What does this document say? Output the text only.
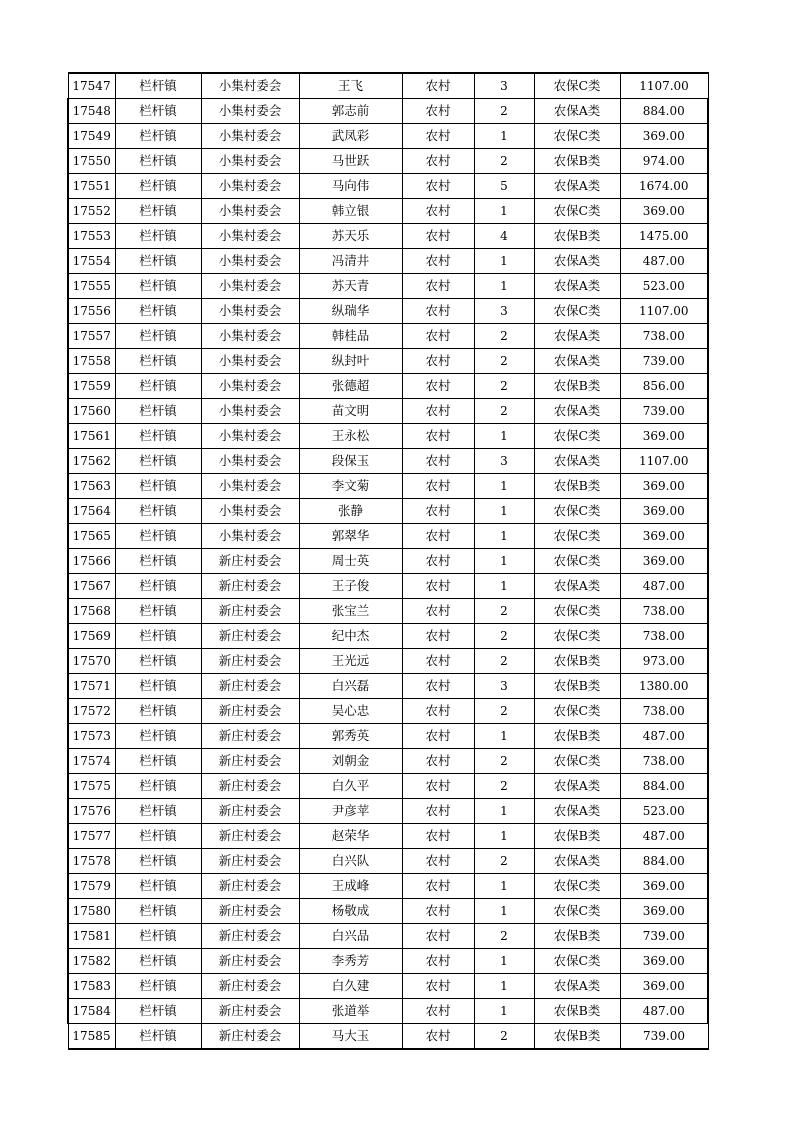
17547	栏杆镇	小集村委会	王飞	农村	3	农保C类	1107.00
17548	栏杆镇	小集村委会	郭志前	农村	2	农保A类	884.00
17549	栏杆镇	小集村委会	武凤彩	农村	1	农保C类	369.00
17550	栏杆镇	小集村委会	马世跃	农村	2	农保B类	974.00
17551	栏杆镇	小集村委会	马向伟	农村	5	农保A类	1674.00
17552	栏杆镇	小集村委会	韩立银	农村	1	农保C类	369.00
17553	栏杆镇	小集村委会	苏天乐	农村	4	农保B类	1475.00
17554	栏杆镇	小集村委会	冯清井	农村	1	农保A类	487.00
17555	栏杆镇	小集村委会	苏天青	农村	1	农保A类	523.00
17556	栏杆镇	小集村委会	纵瑞华	农村	3	农保C类	1107.00
17557	栏杆镇	小集村委会	韩桂品	农村	2	农保A类	738.00
17558	栏杆镇	小集村委会	纵封叶	农村	2	农保A类	739.00
17559	栏杆镇	小集村委会	张德超	农村	2	农保B类	856.00
17560	栏杆镇	小集村委会	苗文明	农村	2	农保A类	739.00
17561	栏杆镇	小集村委会	王永松	农村	1	农保C类	369.00
17562	栏杆镇	小集村委会	段保玉	农村	3	农保A类	1107.00
17563	栏杆镇	小集村委会	李文菊	农村	1	农保B类	369.00
17564	栏杆镇	小集村委会	张静	农村	1	农保C类	369.00
17565	栏杆镇	小集村委会	郭翠华	农村	1	农保C类	369.00
17566	栏杆镇	新庄村委会	周士英	农村	1	农保C类	369.00
17567	栏杆镇	新庄村委会	王子俊	农村	1	农保A类	487.00
17568	栏杆镇	新庄村委会	张宝兰	农村	2	农保C类	738.00
17569	栏杆镇	新庄村委会	纪中杰	农村	2	农保C类	738.00
17570	栏杆镇	新庄村委会	王光远	农村	2	农保B类	973.00
17571	栏杆镇	新庄村委会	白兴磊	农村	3	农保B类	1380.00
17572	栏杆镇	新庄村委会	吴心忠	农村	2	农保C类	738.00
17573	栏杆镇	新庄村委会	郭秀英	农村	1	农保B类	487.00
17574	栏杆镇	新庄村委会	刘朝金	农村	2	农保C类	738.00
17575	栏杆镇	新庄村委会	白久平	农村	2	农保A类	884.00
17576	栏杆镇	新庄村委会	尹彦苹	农村	1	农保A类	523.00
17577	栏杆镇	新庄村委会	赵荣华	农村	1	农保B类	487.00
17578	栏杆镇	新庄村委会	白兴队	农村	2	农保A类	884.00
17579	栏杆镇	新庄村委会	王成峰	农村	1	农保C类	369.00
17580	栏杆镇	新庄村委会	杨敬成	农村	1	农保C类	369.00
17581	栏杆镇	新庄村委会	白兴品	农村	2	农保B类	739.00
17582	栏杆镇	新庄村委会	李秀芳	农村	1	农保C类	369.00
17583	栏杆镇	新庄村委会	白久建	农村	1	农保A类	369.00
17584	栏杆镇	新庄村委会	张道举	农村	1	农保B类	487.00
17585	栏杆镇	新庄村委会	马大玉	农村	2	农保B类	739.00
